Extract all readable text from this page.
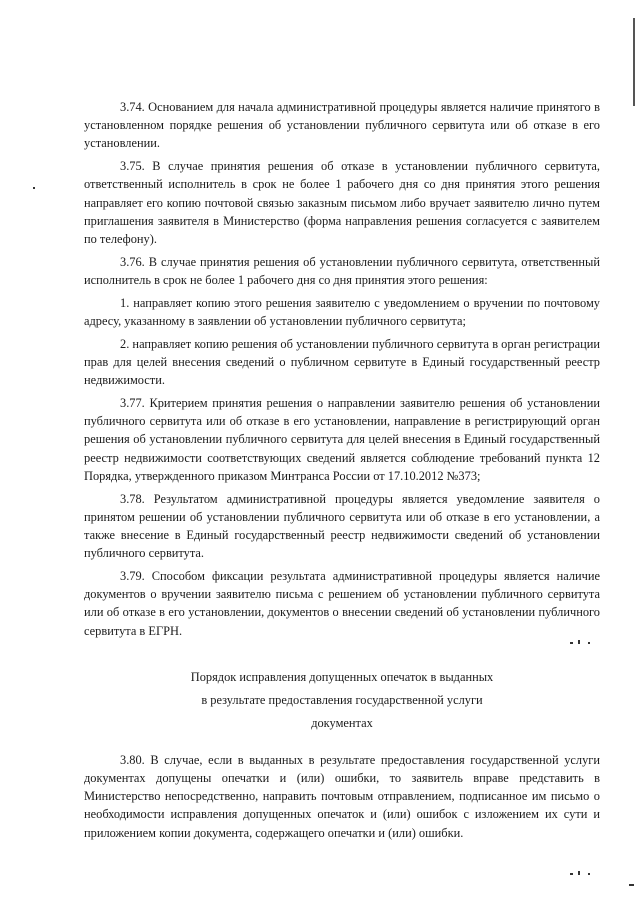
3.74. Основанием для начала административной процедуры является наличие принятого в установленном порядке решения об установлении публичного сервитута или об отказе в его установлении.

3.75. В случае принятия решения об отказе в установлении публичного сервитута, ответственный исполнитель в срок не более 1 рабочего дня со дня принятия этого решения направляет его копию почтовой связью заказным письмом либо вручает заявителю лично путем приглашения заявителя в Министерство (форма направления решения согласуется с заявителем по телефону).

3.76. В случае принятия решения об установлении публичного сервитута, ответственный исполнитель в срок не более 1 рабочего дня со дня принятия этого решения:

1. направляет копию этого решения заявителю с уведомлением о вручении по почтовому адресу, указанному в заявлении об установлении публичного сервитута;

2. направляет копию решения об установлении публичного сервитута в орган регистрации прав для целей внесения сведений о публичном сервитуте в Единый государственный реестр недвижимости.

3.77. Критерием принятия решения о направлении заявителю решения об установлении публичного сервитута или об отказе в его установлении, направление в регистрирующий орган решения об установлении публичного сервитута для целей внесения в Единый государственный реестр недвижимости соответствующих сведений является соблюдение требований пункта 12 Порядка, утвержденного приказом Минтранса России от 17.10.2012 №373;

3.78. Результатом административной процедуры является уведомление заявителя о принятом решении об установлении публичного сервитута или об отказе в его установлении, а также внесение в Единый государственный реестр недвижимости сведений об установлении публичного сервитута.

3.79. Способом фиксации результата административной процедуры является наличие документов о вручении заявителю письма с решением об установлении публичного сервитута или об отказе в его установлении, документов о внесении сведений об установлении публичного сервитута в ЕГРН.

Порядок исправления допущенных опечаток в выданных
в результате предоставления государственной услуги
документах

3.80. В случае, если в выданных в результате предоставления государственной услуги документах допущены опечатки и (или) ошибки, то заявитель вправе представить в Министерство непосредственно, направить почтовым отправлением, подписанное им письмо о необходимости исправления допущенных опечаток и (или) ошибок с изложением их сути и приложением копии документа, содержащего опечатки и (или) ошибки.
